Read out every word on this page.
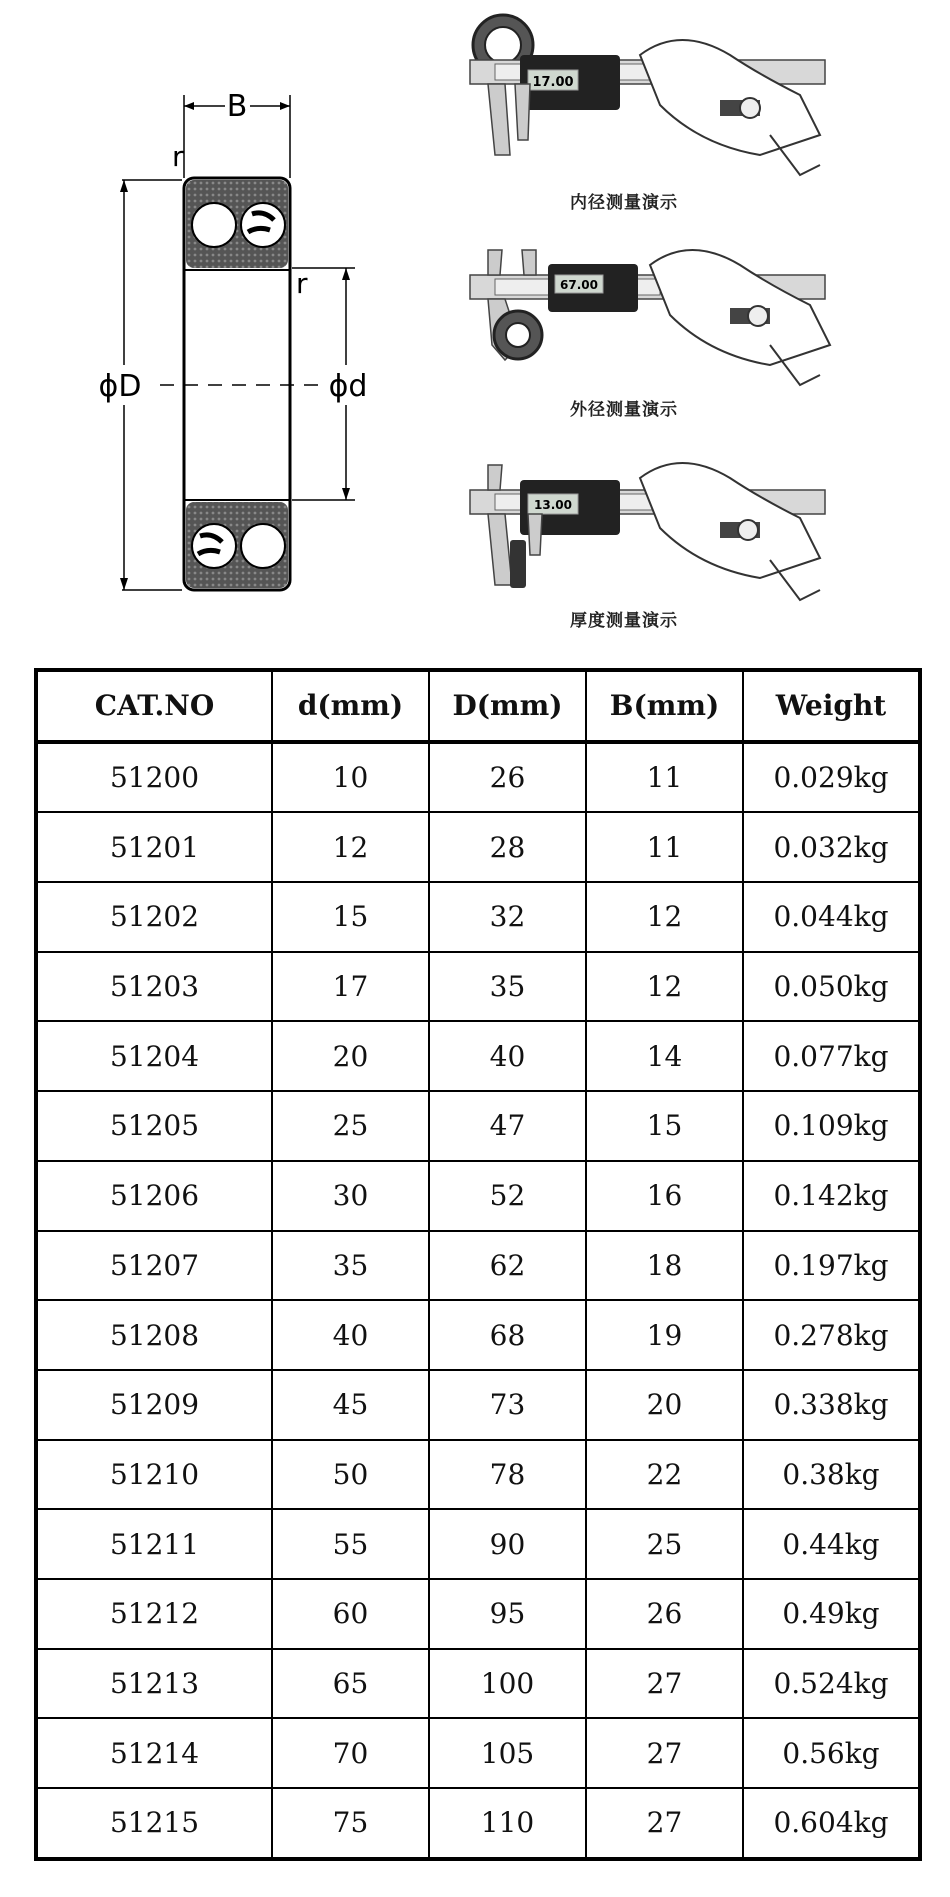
B
r
r
ϕD	ϕd
17.00
67.00
13.00
内径测量演示
外径测量演示
厚度测量演示
CAT.NO	d(mm)	D(mm)	B(mm)	Weight
51200	10	26	11	0.029kg
51201	12	28	11	0.032kg
51202	15	32	12	0.044kg
51203	17	35	12	0.050kg
51204	20	40	14	0.077kg
51205	25	47	15	0.109kg
51206	30	52	16	0.142kg
51207	35	62	18	0.197kg
51208	40	68	19	0.278kg
51209	45	73	20	0.338kg
51210	50	78	22	0.38kg
51211	55	90	25	0.44kg
51212	60	95	26	0.49kg
51213	65	100	27	0.524kg
51214	70	105	27	0.56kg
51215	75	110	27	0.604kg
